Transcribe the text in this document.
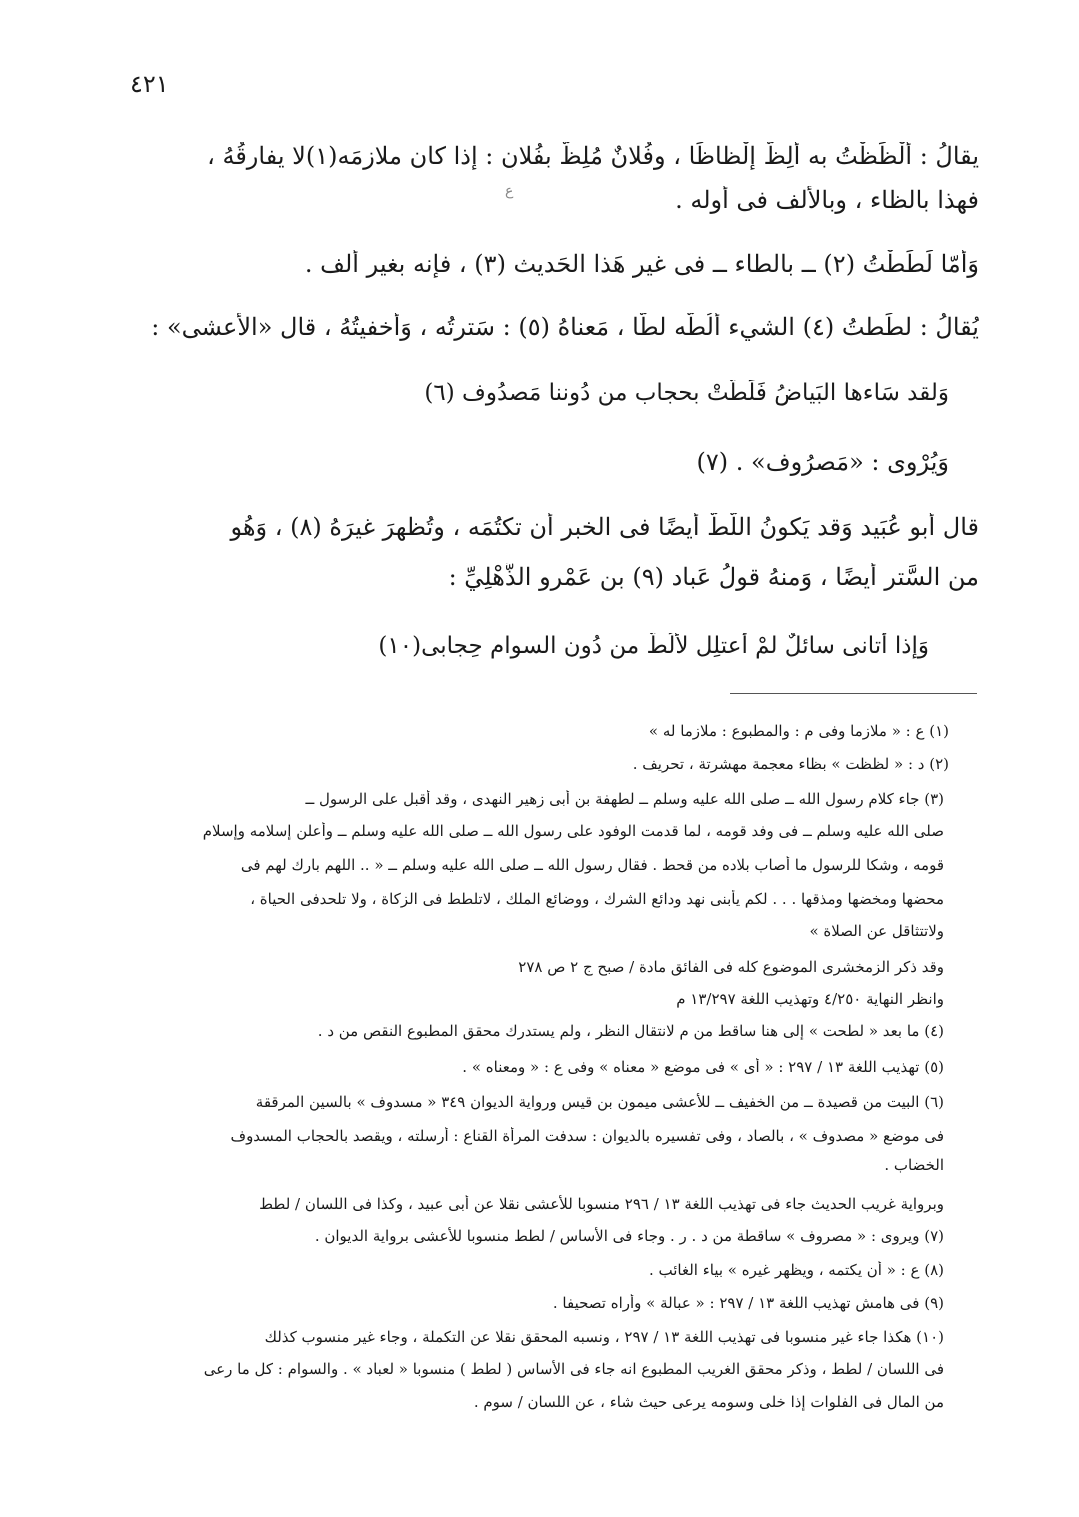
٤٢١
ع
يقالُ : أَلْظَظْتُ به أَلِظُّ إلْظاظًا ، وفُلانٌ مُلِظٌّ بفُلانٍ : إذا كان ملازمَه(١)لا يفارقُهُ ،
فهذا بالظاء ، وبالألف فى أوله .
وَأَمّا لَطَطْتُ (٢) ــ بالطاء ــ فى غير هَذا الحَديث (٣) ، فإنه بغير ألف .
يُقالُ : لطَطتُ (٤) الشيء أَلُطُّه لطًّا ، مَعناهُ (٥) : سَترتُه ، وَأَخفيتُهُ ، قال «الأعشى» :
وَلقد سَاءها البَياضُ فَلَطَّتْ بحجاب من دُوننا مَصدُوف (٦)
وَيُرْوى : «مَصرُوف» . (٧)
قال أبو عُبَيد وَقد يَكونُ اللَّطُّ أَيضًا فى الخبر أَن تكتُمَه ، وتُظهرَ غيرَهُ (٨) ، وَهُو
من السَّتر أيضًا ، وَمنهُ قولُ عَباد (٩) بن عَمْرو الذُّهْلِيِّ :
وَإِذا أَتانى سائلٌ لمْ أَعتلِل لأَلُطّ من دُون السوام حِجابى(١٠)
(١) ع : « ملازما وفى م : والمطبوع : ملازما له »
(٢) د : « لظظت » بظاء معجمة مهشرتة ، تحريف .
(٣) جاء كلام رسول الله ــ صلى الله عليه وسلم ــ لطهفة بن أبى زهير النهدى ، وقد أقبل على الرسول ــ
صلى الله عليه وسلم ــ فى وفد قومه ، لما قدمت الوفود على رسول الله ــ صلى الله عليه وسلم ــ وأعلن إسلامه وإسلام
قومه ، وشكا للرسول ما أصاب بلاده من قحط . فقال رسول الله ــ صلى الله عليه وسلم ــ « .. اللهم بارك لهم فى
محضها ومخضها ومذقها . . . لكم يأبنى نهد ودائع الشرك ، ووضائع الملك ، لاتلطط فى الزكاة ، ولا تلحدفى الحياة ،
ولاتتثاقل عن الصلاة »
وقد ذكر الزمخشرى الموضوع كله فى الفائق مادة / صبح ج ٢ ص ٢٧٨
وانظر النهاية ٤/٢٥٠ وتهذيب اللغة ١٣/٢٩٧ م
(٤) ما بعد « لطحت » إلى هنا ساقط من م لانتقال النظر ، ولم يستدرك محقق المطبوع النقص من د .
(٥) تهذيب اللغة ١٣ / ٢٩٧ : « أى » فى موضع « معناه » وفى ع : « ومعناه » .
(٦) البيت من قصيدة ــ من الخفيف ــ للأعشى ميمون بن قيس ورواية الديوان ٣٤٩ « مسدوف » بالسين المرققة
فى موضع « مصدوف » ، بالصاد ، وفى تفسيره بالديوان : سدفت المرأة القناع : أرسلته ، ويقصد بالحجاب المسدوف
الخضاب .
وبرواية غريب الحديث جاء فى تهذيب اللغة ١٣ / ٢٩٦ منسوبا للأعشى نقلا عن أبى عبيد ، وكذا فى اللسان / لطط
(٧) ويروى : « مصروف » ساقطة من د . ر . وجاء فى الأساس / لطط منسوبا للأعشى برواية الديوان .
(٨) ع : « أن يكتمه ، ويظهر غيره » بياء الغائب .
(٩) فى هامش تهذيب اللغة ١٣ / ٢٩٧ : « عبالة » وأراه تصحيفا .
(١٠) هكذا جاء غير منسوبا فى تهذيب اللغة ١٣ / ٢٩٧ ، ونسبه المحقق نقلا عن التكملة ، وجاء غير منسوب كذلك
فى اللسان / لطط ، وذكر محقق الغريب المطبوع انه جاء فى الأساس ( لطط ) منسوبا « لعباد » . والسوام : كل ما رعى
من المال فى الفلوات إذا خلى وسومه يرعى حيث شاء ، عن اللسان / سوم .
